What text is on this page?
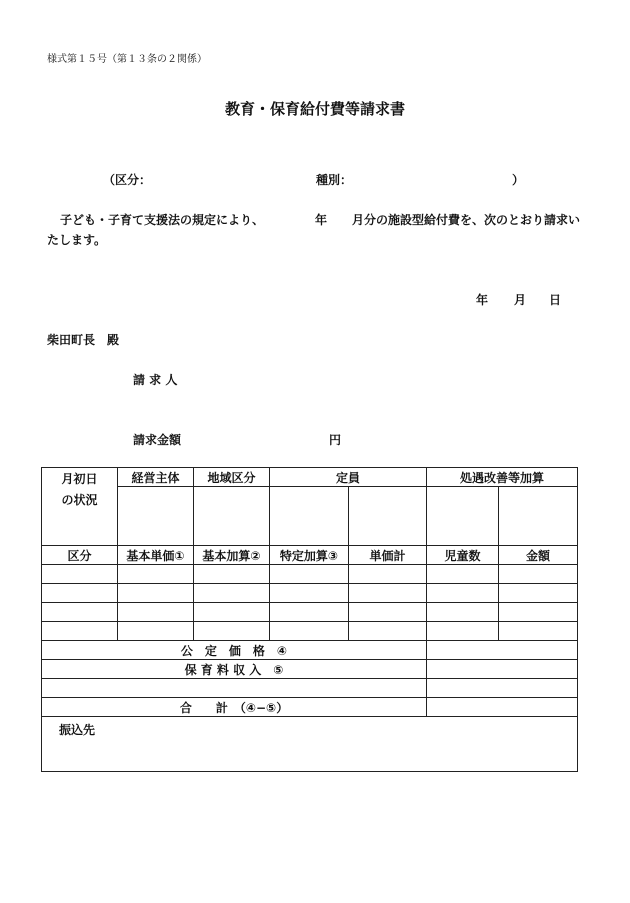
様式第１５号（第１３条の２関係）
教育・保育給付費等請求書
（区分：	種別：	）
子ども・子育て支援法の規定により、	年 月分の施設型給付費を、次のとおり請求い
たします。
年 月 日
柴田町長　殿
請 求 人
請求金額	円
月初日
の状況	経営主体	地域区分	定員		処遇改善等加算	

区分	基本単価①	基本加算②	特定加算③	単価計	児童数	金額

公　定　価　格　④						
保 育 料 収 入　⑤						

合　　計　（④−⑤）						
振込先						
